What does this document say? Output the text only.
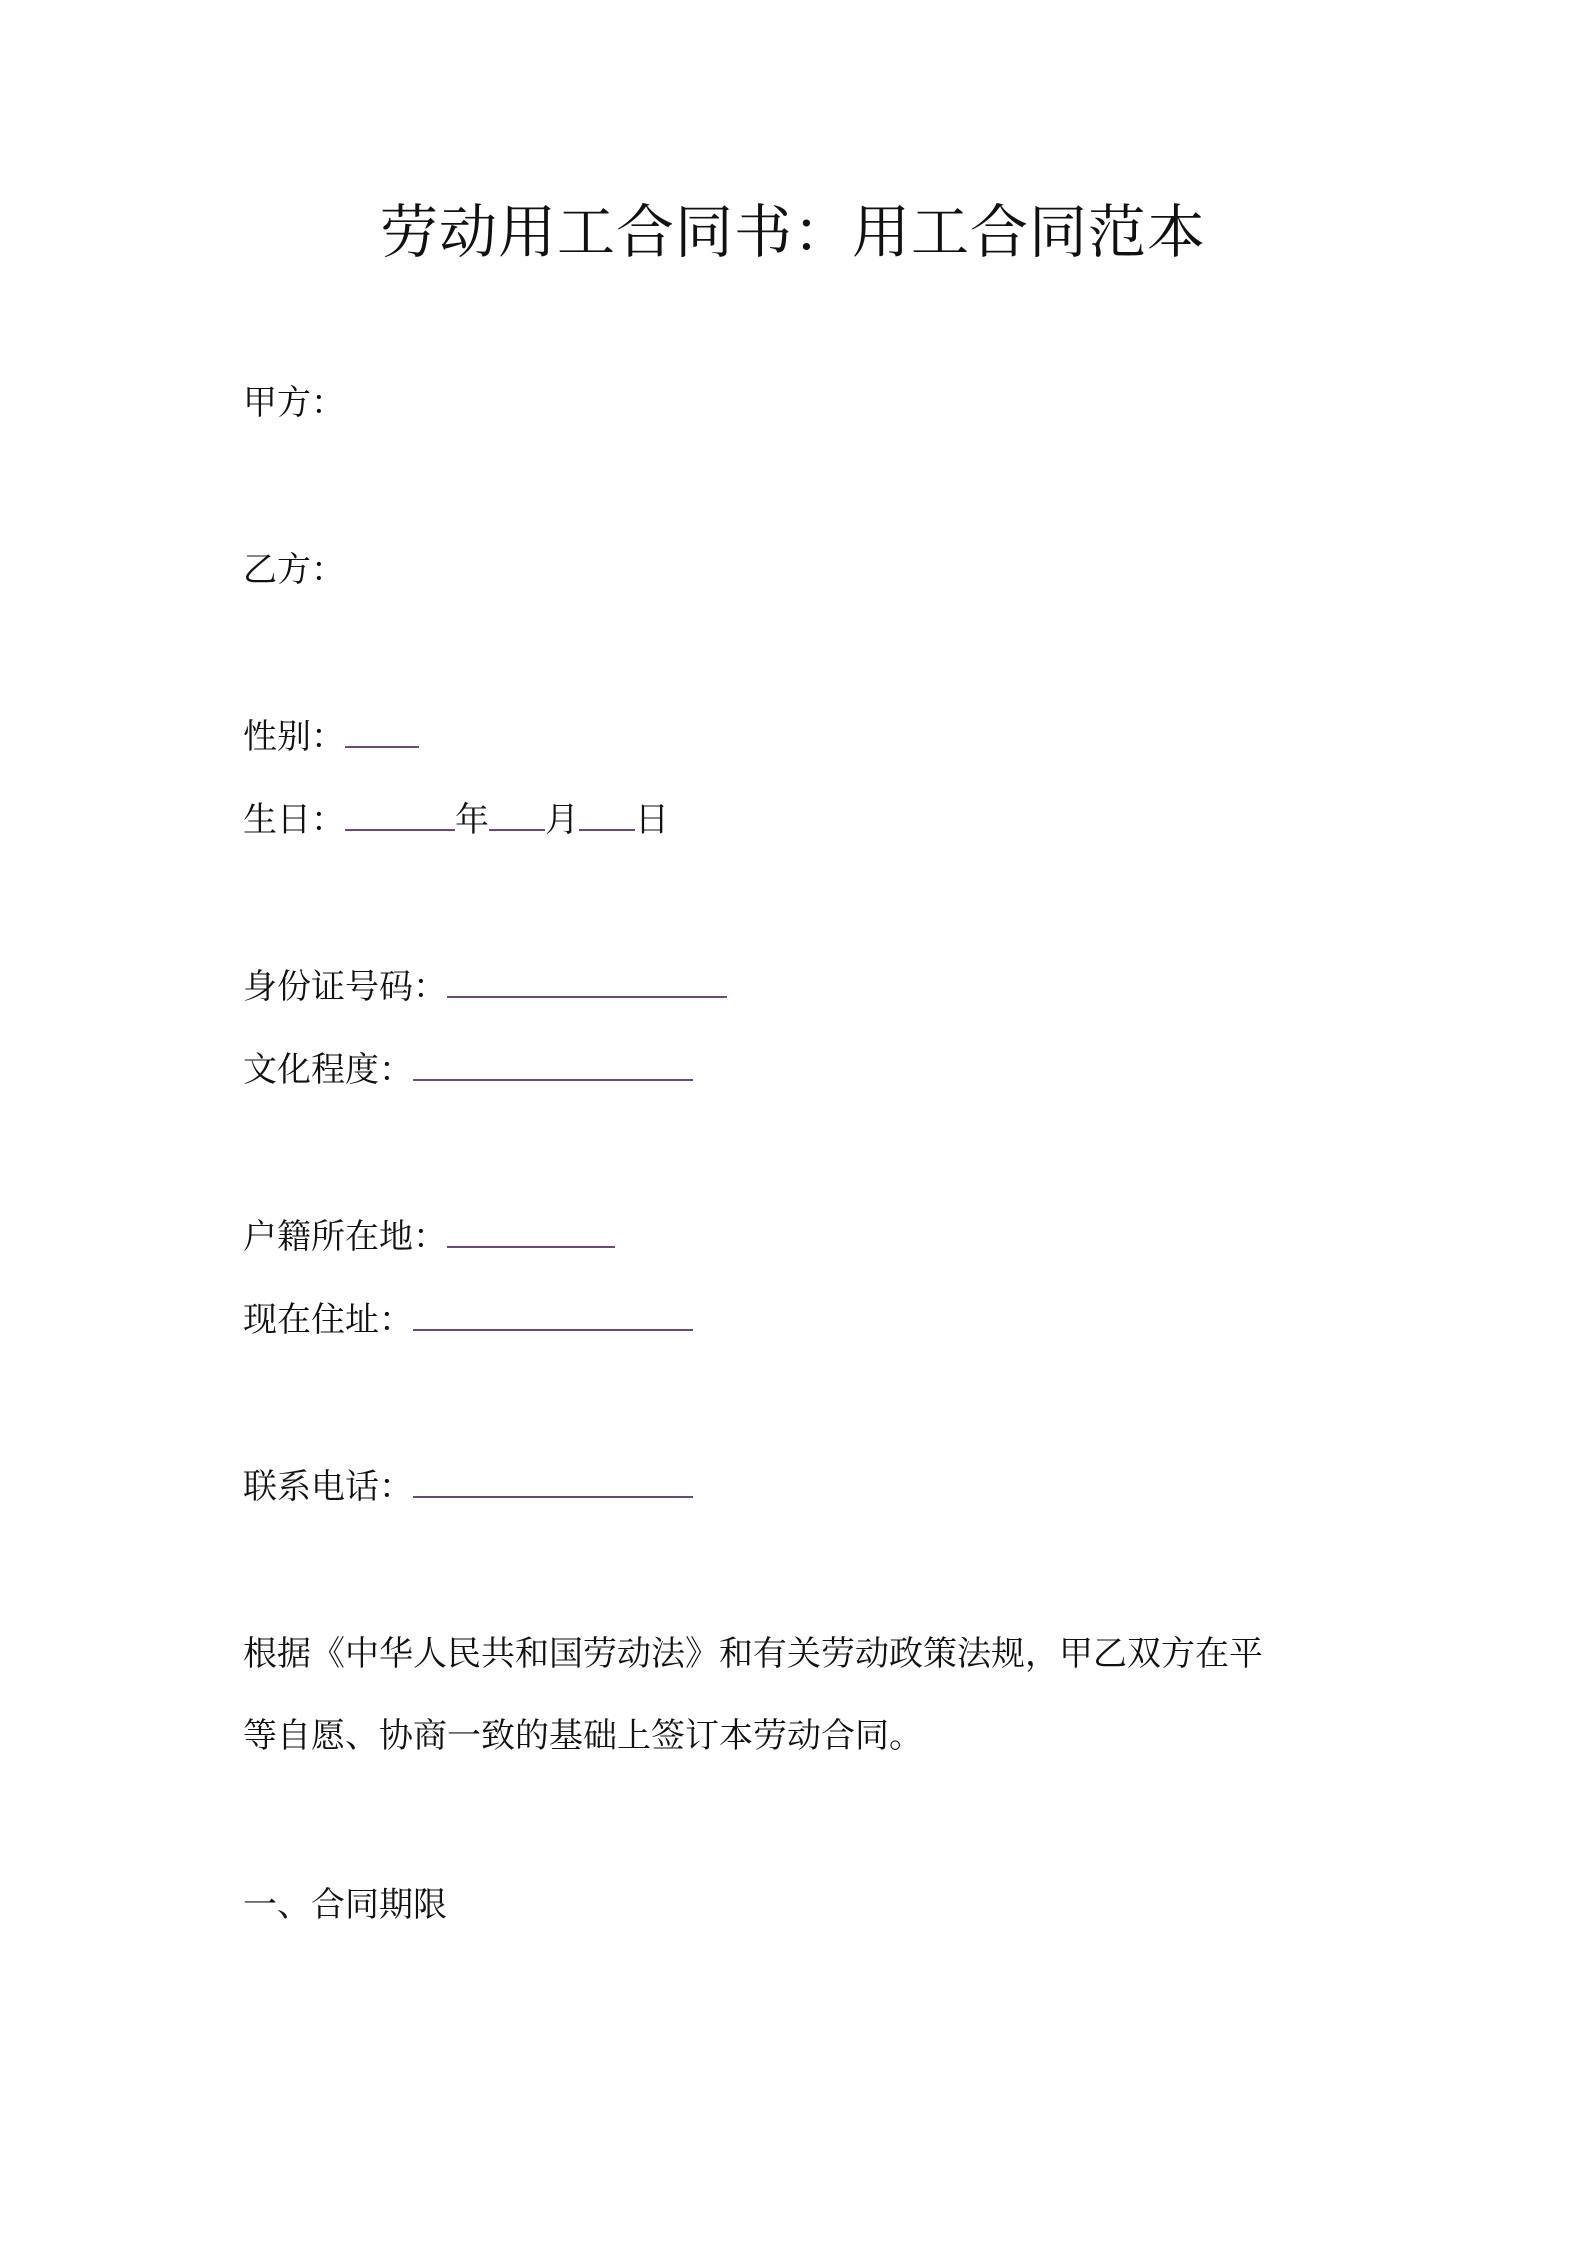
劳动用工合同书：用工合同范本
甲方：
乙方：
性别：
生日：	年 月 日
身份证号码：
文化程度：
户籍所在地：
现在住址：
联系电话：

根据《中华人民共和国劳动法》和有关劳动政策法规，甲乙双方在平

等自愿、协商一致的基础上签订本劳动合同。

一、合同期限
